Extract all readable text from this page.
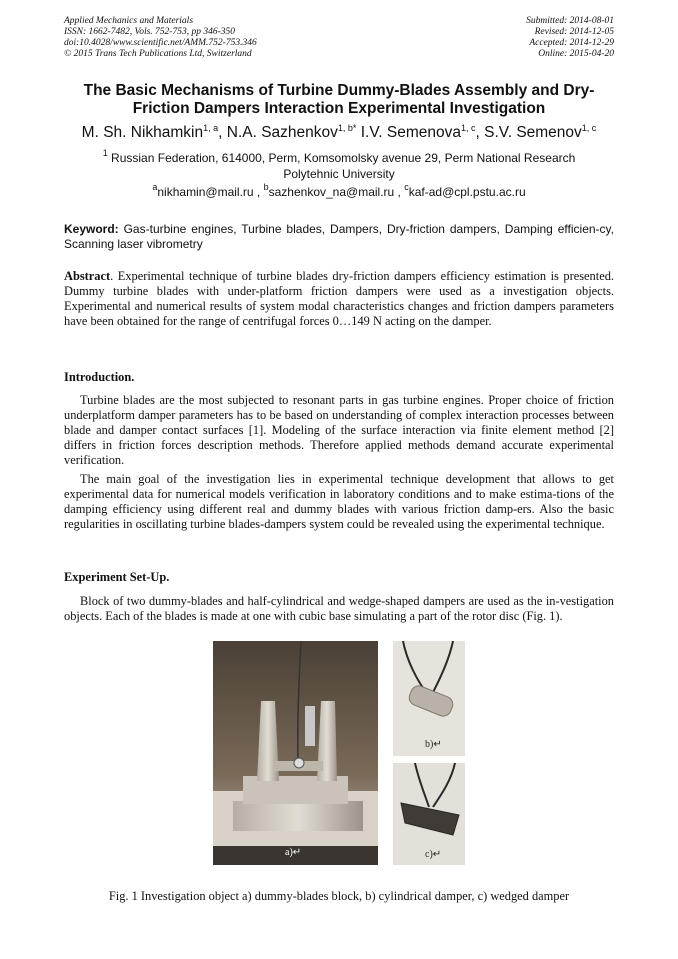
Applied Mechanics and Materials
ISSN: 1662-7482, Vols. 752-753, pp 346-350
doi:10.4028/www.scientific.net/AMM.752-753.346
© 2015 Trans Tech Publications Ltd, Switzerland
Submitted: 2014-08-01
Revised: 2014-12-05
Accepted: 2014-12-29
Online: 2015-04-20
The Basic Mechanisms of Turbine Dummy-Blades Assembly and Dry-
Friction Dampers Interaction Experimental Investigation
M. Sh. Nikhamkin$^{1, a}$, N.A. Sazhenkov$^{1, b*}$ I.V. Semenova$^{1, c}$, S.V. Semenov$^{1, c}$
$^1$ Russian Federation, 614000, Perm, Komsomolsky avenue 29, Perm National Research Polytehnic University
$^a$nikhamin@mail.ru , $^b$sazhenkov_na@mail.ru , $^c$kaf-ad@cpl.pstu.ac.ru
Keyword: Gas-turbine engines, Turbine blades, Dampers, Dry-friction dampers, Damping efficien-cy, Scanning laser vibrometry
Abstract. Experimental technique of turbine blades dry-friction dampers efficiency estimation is presented. Dummy turbine blades with under-platform friction dampers were used as a investigation objects. Experimental and numerical results of system modal characteristics changes and friction dampers parameters have been obtained for the range of centrifugal forces 0…149 N acting on the damper.
Introduction.
Turbine blades are the most subjected to resonant parts in gas turbine engines. Proper choice of friction underplatform damper parameters has to be based on understanding of complex interaction processes between blade and damper contact surfaces [1]. Modeling of the surface interaction via finite element method [2] differs in friction forces description methods. Therefore applied methods demand accurate experimental verification.
The main goal of the investigation lies in experimental technique development that allows to get experimental data for numerical models verification in laboratory conditions and to make estima-tions of the damping efficiency using different real and dummy blades with various friction damp-ers. Also the basic regularities in oscillating turbine blades-dampers system could be revealed using the experimental technique.
Experiment Set-Up.
Block of two dummy-blades and half-cylindrical and wedge-shaped dampers are used as the in-vestigation objects. Each of the blades is made at one with cubic base simulating a part of the rotor disc (Fig. 1).
a)↵
b)↵
c)↵
Fig. 1 Investigation object a) dummy-blades block, b) cylindrical damper, c) wedged damper
